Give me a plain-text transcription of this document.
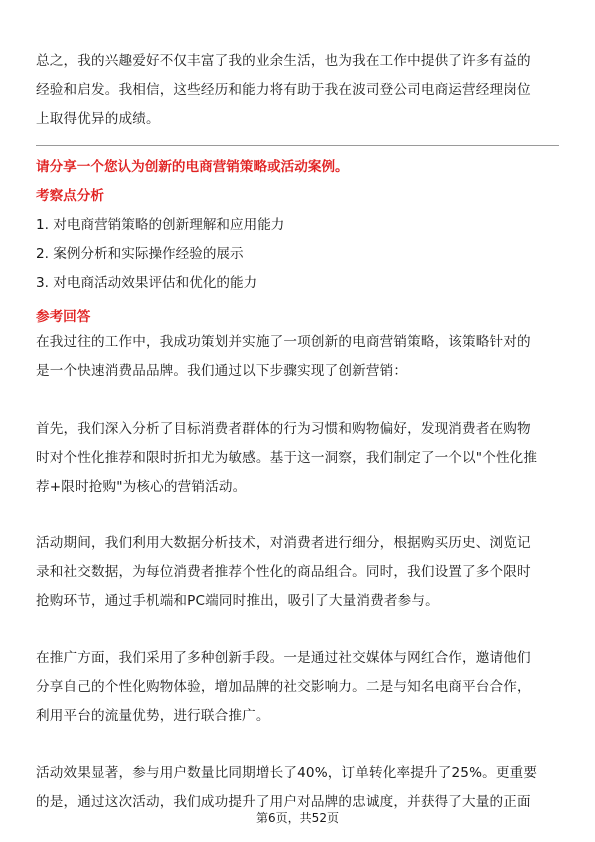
总之，我的兴趣爱好不仅丰富了我的业余生活，也为我在工作中提供了许多有益的
经验和启发。我相信，这些经历和能力将有助于我在波司登公司电商运营经理岗位
上取得优异的成绩。
请分享一个您认为创新的电商营销策略或活动案例。
考察点分析
1. 对电商营销策略的创新理解和应用能力
2. 案例分析和实际操作经验的展示
3. 对电商活动效果评估和优化的能力
参考回答
在我过往的工作中，我成功策划并实施了一项创新的电商营销策略，该策略针对的
是一个快速消费品品牌。我们通过以下步骤实现了创新营销：
首先，我们深入分析了目标消费者群体的行为习惯和购物偏好，发现消费者在购物
时对个性化推荐和限时折扣尤为敏感。基于这一洞察，我们制定了一个以"个性化推
荐+限时抢购"为核心的营销活动。
活动期间，我们利用大数据分析技术，对消费者进行细分，根据购买历史、浏览记
录和社交数据，为每位消费者推荐个性化的商品组合。同时，我们设置了多个限时
抢购环节，通过手机端和PC端同时推出，吸引了大量消费者参与。
在推广方面，我们采用了多种创新手段。一是通过社交媒体与网红合作，邀请他们
分享自己的个性化购物体验，增加品牌的社交影响力。二是与知名电商平台合作，
利用平台的流量优势，进行联合推广。
活动效果显著，参与用户数量比同期增长了40%，订单转化率提升了25%。更重要
的是，通过这次活动，我们成功提升了用户对品牌的忠诚度，并获得了大量的正面
第6页，共52页
